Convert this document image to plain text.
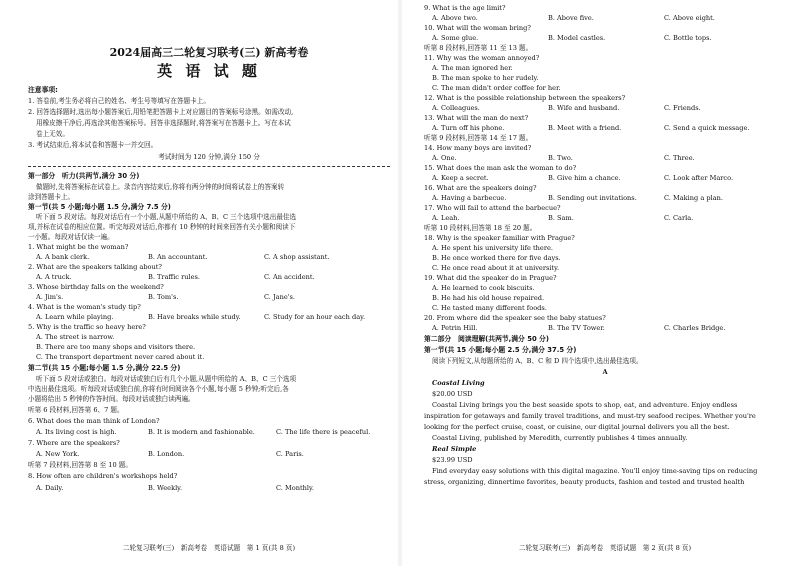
2024届高三二轮复习联考(三) 新高考卷
英 语 试 题
注意事项:
1. 答卷前,考生务必将自己的姓名、考生号等填写在答题卡上。
2. 回答选择题时,选出每小题答案后,用铅笔把答题卡上对应题目的答案标号涂黑。如需改动,
用橡皮擦干净后,再选涂其他答案标号。回答非选择题时,将答案写在答题卡上。写在本试
卷上无效。
3. 考试结束后,将本试卷和答题卡一并交回。
考试时间为 120 分钟,满分 150 分
第一部分　听力(共两节,满分 30 分)
做题时,先将答案标在试卷上。录音内容结束后,你将有两分钟的时间将试卷上的答案转
涂到答题卡上。
第一节(共 5 小题;每小题 1.5 分,满分 7.5 分)
听下面 5 段对话。每段对话后有一个小题,从题中所给的 A、B、C 三个选项中选出最佳选
项,并标在试卷的相应位置。听完每段对话后,你都有 10 秒钟的时间来回答有关小题和阅读下
一小题。每段对话仅读一遍。
1. What might be the woman?
A. A bank clerk.	B. An accountant.	C. A shop assistant.
2. What are the speakers talking about?
A. A truck.	B. Traffic rules.	C. An accident.
3. Whose birthday falls on the weekend?
A. Jim's.	B. Tom's.	C. Jane's.
4. What is the woman's study tip?
A. Learn while playing.	B. Have breaks while study.	C. Study for an hour each day.
5. Why is the traffic so heavy here?
A. The street is narrow.
B. There are too many shops and visitors there.
C. The transport department never cared about it.
第二节(共 15 小题;每小题 1.5 分,满分 22.5 分)
听下面 5 段对话或独白。每段对话或独白后有几个小题,从题中所给的 A、B、C 三个选项
中选出最佳选项。听每段对话或独白前,你将有时间阅读各个小题,每小题 5 秒钟;听完后,各
小题将给出 5 秒钟的作答时间。每段对话或独白读两遍。
听第 6 段材料,回答第 6、7 题。
6. What does the man think of London?
A. Its living cost is high.	B. It is modern and fashionable.	C. The life there is peaceful.
7. Where are the speakers?
A. New York.	B. London.	C. Paris.
听第 7 段材料,回答第 8 至 10 题。
8. How often are children's workshops held?
A. Daily.	B. Weekly.	C. Monthly.
二轮复习联考(三)　新高考卷　英语试题　第 1 页(共 8 页)
9. What is the age limit?
A. Above two.	B. Above five.	C. Above eight.
10. What will the woman bring?
A. Some glue.	B. Model castles.	C. Bottle tops.
听第 8 段材料,回答第 11 至 13 题。
11. Why was the woman annoyed?
A. The man ignored her.
B. The man spoke to her rudely.
C. The man didn't order coffee for her.
12. What is the possible relationship between the speakers?
A. Colleagues.	B. Wife and husband.	C. Friends.
13. What will the man do next?
A. Turn off his phone.	B. Meet with a friend.	C. Send a quick message.
听第 9 段材料,回答第 14 至 17 题。
14. How many boys are invited?
A. One.	B. Two.	C. Three.
15. What does the man ask the woman to do?
A. Keep a secret.	B. Give him a chance.	C. Look after Marco.
16. What are the speakers doing?
A. Having a barbecue.	B. Sending out invitations.	C. Making a plan.
17. Who will fail to attend the barbecue?
A. Leah.	B. Sam.	C. Carla.
听第 10 段材料,回答第 18 至 20 题。
18. Why is the speaker familiar with Prague?
A. He spent his university life there.
B. He once worked there for five days.
C. He once read about it at university.
19. What did the speaker do in Prague?
A. He learned to cook biscuits.
B. He had his old house repaired.
C. He tasted many different foods.
20. From where did the speaker see the baby statues?
A. Petrin Hill.	B. The TV Tower.	C. Charles Bridge.
第二部分　阅读理解(共两节,满分 50 分)
第一节(共 15 小题;每小题 2.5 分,满分 37.5 分)
阅读下列短文,从每题所给的 A、B、C 和 D 四个选项中,选出最佳选项。
A
Coastal Living
$20.00 USD
Coastal Living brings you the best seaside spots to shop, eat, and adventure. Enjoy endless
inspiration for getaways and family travel traditions, and must-try seafood recipes. Whether you're
looking for the perfect cruise, coast, or cuisine, our digital journal delivers you all the best.
Coastal Living, published by Meredith, currently publishes 4 times annually.
Real Simple
$23.99 USD
Find everyday easy solutions with this digital magazine. You'll enjoy time-saving tips on reducing
stress, organizing, dinnertime favorites, beauty products, fashion and tested and trusted health
二轮复习联考(三)　新高考卷　英语试题　第 2 页(共 8 页)
